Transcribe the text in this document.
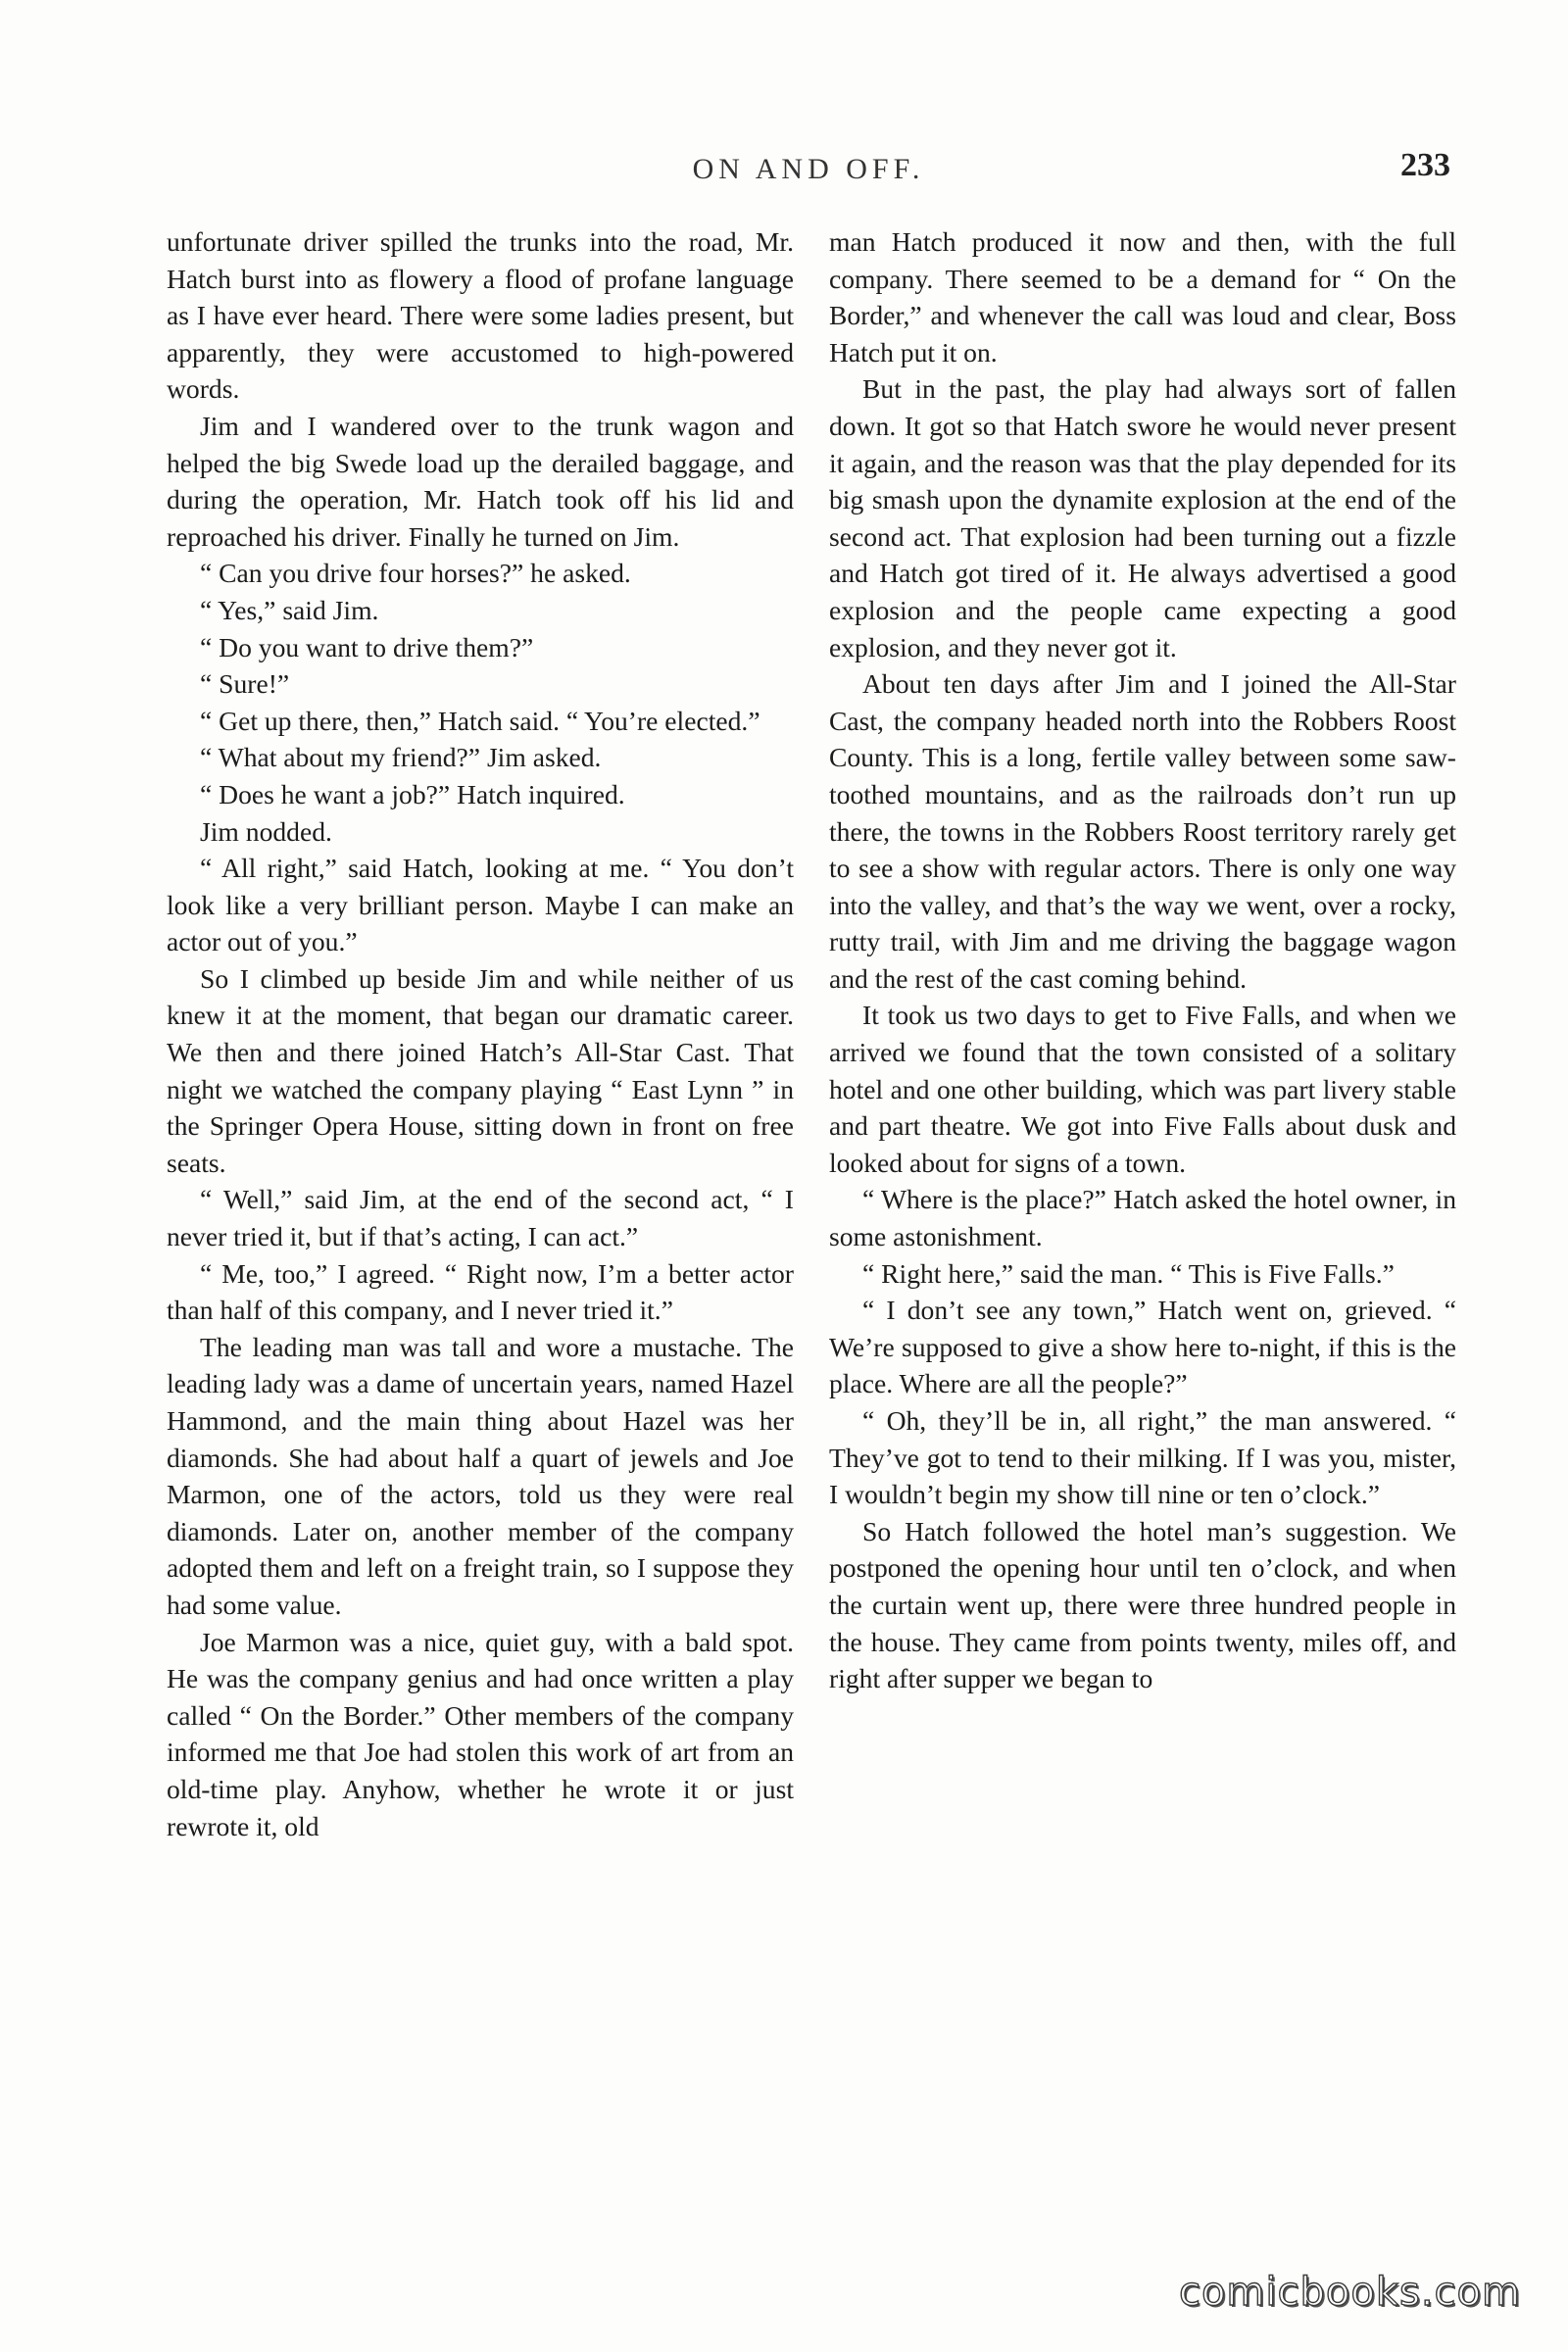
ON AND OFF.	233

unfortunate driver spilled the trunks into the road, Mr. Hatch burst into as flowery a flood of profane language as I have ever heard. There were some ladies present, but apparently, they were accustomed to high-powered words.

Jim and I wandered over to the trunk wagon and helped the big Swede load up the derailed baggage, and during the operation, Mr. Hatch took off his lid and reproached his driver. Finally he turned on Jim.

“ Can you drive four horses?” he asked.

“ Yes,” said Jim.

“ Do you want to drive them?”

“ Sure!”

“ Get up there, then,” Hatch said. “ You’re elected.”

“ What about my friend?” Jim asked.

“ Does he want a job?” Hatch inquired.

Jim nodded.

“ All right,” said Hatch, looking at me. “ You don’t look like a very brilliant person. Maybe I can make an actor out of you.”

So I climbed up beside Jim and while neither of us knew it at the moment, that began our dramatic career. We then and there joined Hatch’s All-Star Cast. That night we watched the company playing “ East Lynn ” in the Springer Opera House, sitting down in front on free seats.

“ Well,” said Jim, at the end of the second act, “ I never tried it, but if that’s acting, I can act.”

“ Me, too,” I agreed. “ Right now, I’m a better actor than half of this company, and I never tried it.”

The leading man was tall and wore a mustache. The leading lady was a dame of uncertain years, named Hazel Hammond, and the main thing about Hazel was her diamonds. She had about half a quart of jewels and Joe Marmon, one of the actors, told us they were real diamonds. Later on, another member of the company adopted them and left on a freight train, so I suppose they had some value.

Joe Marmon was a nice, quiet guy, with a bald spot. He was the company genius and had once written a play called “ On the Border.” Other members of the company informed me that Joe had stolen this work of art from an old-time play. Anyhow, whether he wrote it or just rewrote it, old

man Hatch produced it now and then, with the full company. There seemed to be a demand for “ On the Border,” and whenever the call was loud and clear, Boss Hatch put it on.

But in the past, the play had always sort of fallen down. It got so that Hatch swore he would never present it again, and the reason was that the play depended for its big smash upon the dynamite explosion at the end of the second act. That explosion had been turning out a fizzle and Hatch got tired of it. He always advertised a good explosion and the people came expecting a good explosion, and they never got it.

About ten days after Jim and I joined the All-Star Cast, the company headed north into the Robbers Roost County. This is a long, fertile valley between some saw-toothed mountains, and as the railroads don’t run up there, the towns in the Robbers Roost territory rarely get to see a show with regular actors. There is only one way into the valley, and that’s the way we went, over a rocky, rutty trail, with Jim and me driving the baggage wagon and the rest of the cast coming behind.

It took us two days to get to Five Falls, and when we arrived we found that the town consisted of a solitary hotel and one other building, which was part livery stable and part theatre. We got into Five Falls about dusk and looked about for signs of a town.

“ Where is the place?” Hatch asked the hotel owner, in some astonishment.

“ Right here,” said the man. “ This is Five Falls.”

“ I don’t see any town,” Hatch went on, grieved. “ We’re supposed to give a show here to-night, if this is the place. Where are all the people?”

“ Oh, they’ll be in, all right,” the man answered. “ They’ve got to tend to their milking. If I was you, mister, I wouldn’t begin my show till nine or ten o’clock.”

So Hatch followed the hotel man’s suggestion. We postponed the opening hour until ten o’clock, and when the curtain went up, there were three hundred people in the house. They came from points twenty, miles off, and right after supper we began to

comicbooks.com
